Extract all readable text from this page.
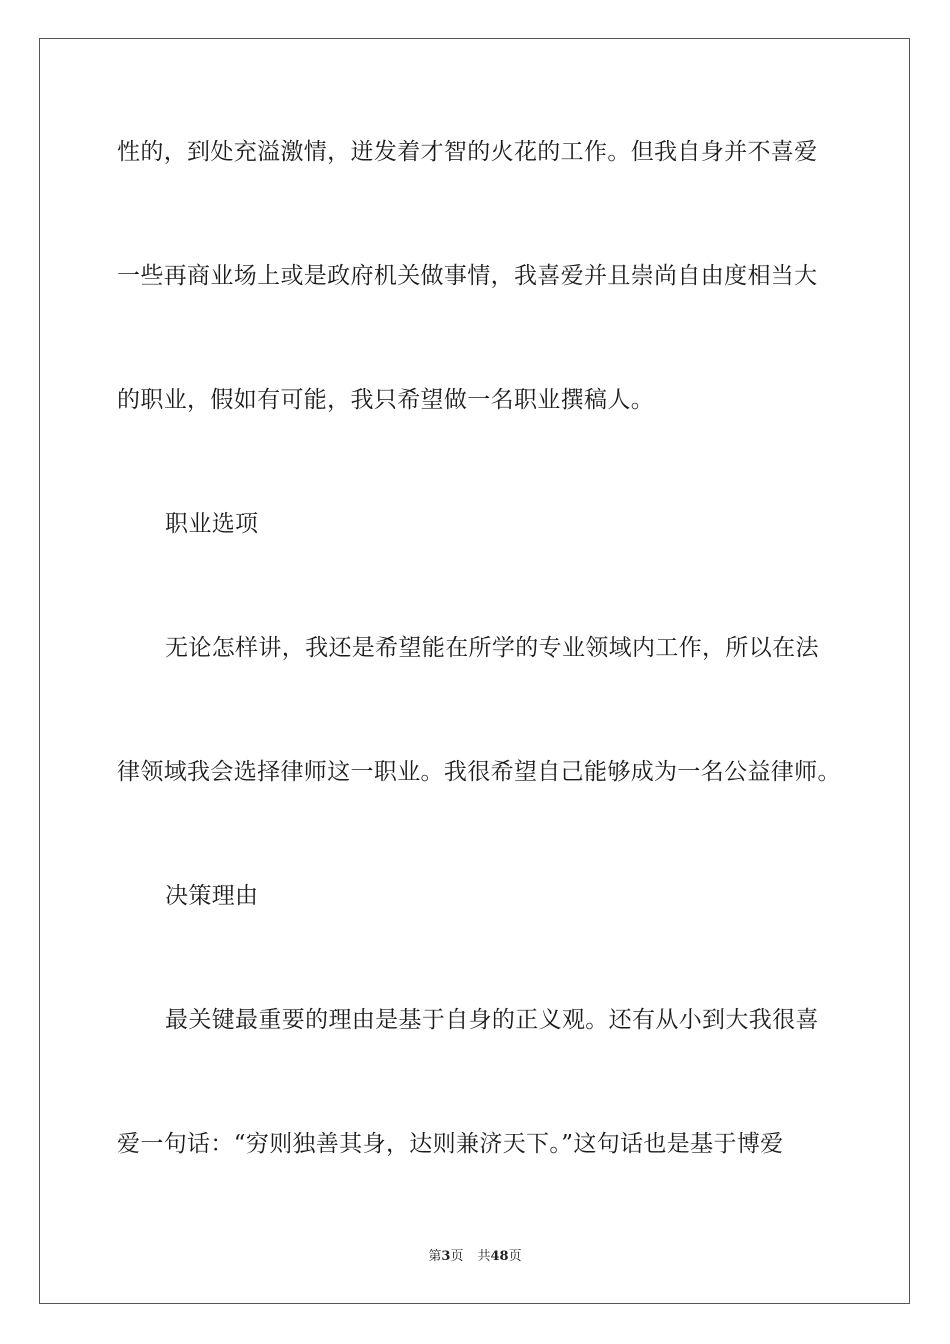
性的，到处充溢激情，迸发着才智的火花的工作。但我自身并不喜爱
一些再商业场上或是政府机关做事情，我喜爱并且崇尚自由度相当大
的职业，假如有可能，我只希望做一名职业撰稿人。
职业选项
无论怎样讲，我还是希望能在所学的专业领域内工作，所以在法
律领域我会选择律师这一职业。我很希望自己能够成为一名公益律师。
决策理由
最关键最重要的理由是基于自身的正义观。还有从小到大我很喜
爱一句话：“穷则独善其身，达则兼济天下。”这句话也是基于博爱
第3页 共48页
